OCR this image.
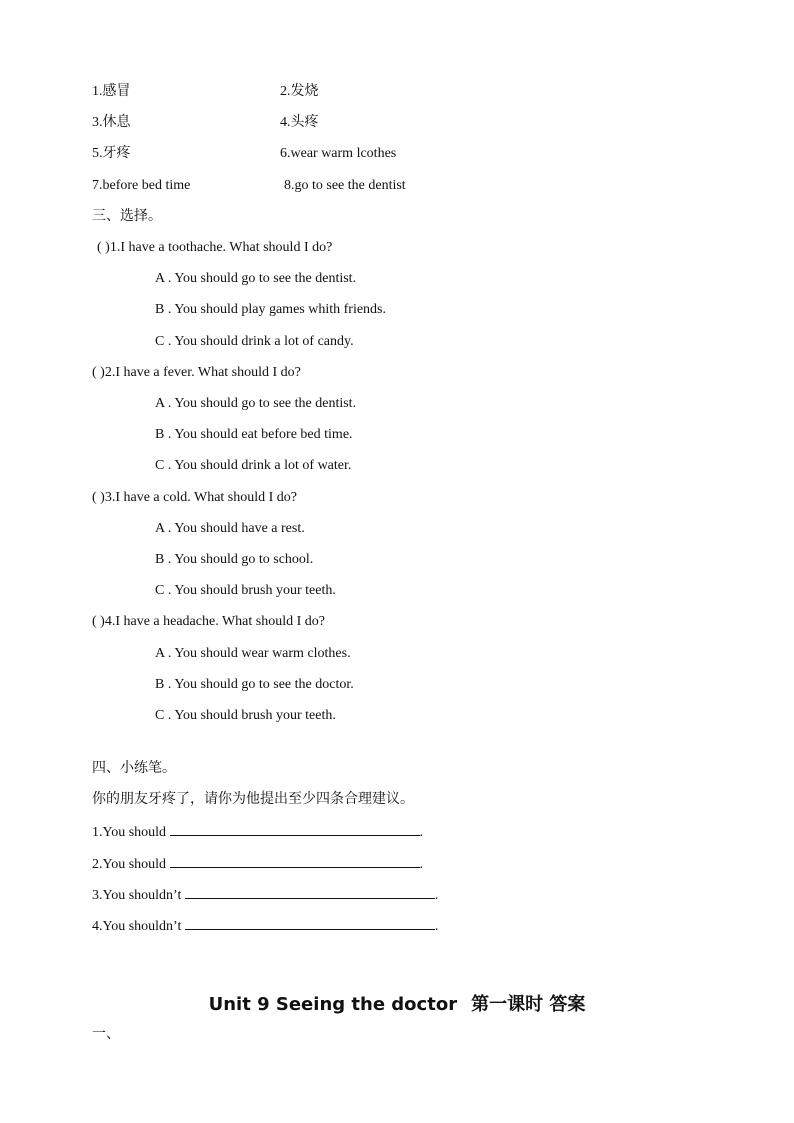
1.感冒	2.发烧
3.休息	4.头疼
5.牙疼	6.wear warm lcothes
7.before bed time	8.go to see the dentist
三、选择。
( )1.I have a toothache. What should I do?
A . You should go to see the dentist.
B . You should play games whith friends.
C . You should drink a lot of candy.
( )2.I have a fever. What should I do?
A . You should go to see the dentist.
B . You should eat before bed time.
C . You should drink a lot of water.
( )3.I have a cold. What should I do?
A . You should have a rest.
B . You should go to school.
C . You should brush your teeth.
( )4.I have a headache. What should I do?
A . You should wear warm clothes.
B . You should go to see the doctor.
C . You should brush your teeth.
四、小练笔。
你的朋友牙疼了，请你为他提出至少四条合理建议。
1.You should	.
2.You should	.
3.You shouldn’t	.
4.You shouldn’t	.
Unit 9 Seeing the doctor 第一课时 答案
一、
